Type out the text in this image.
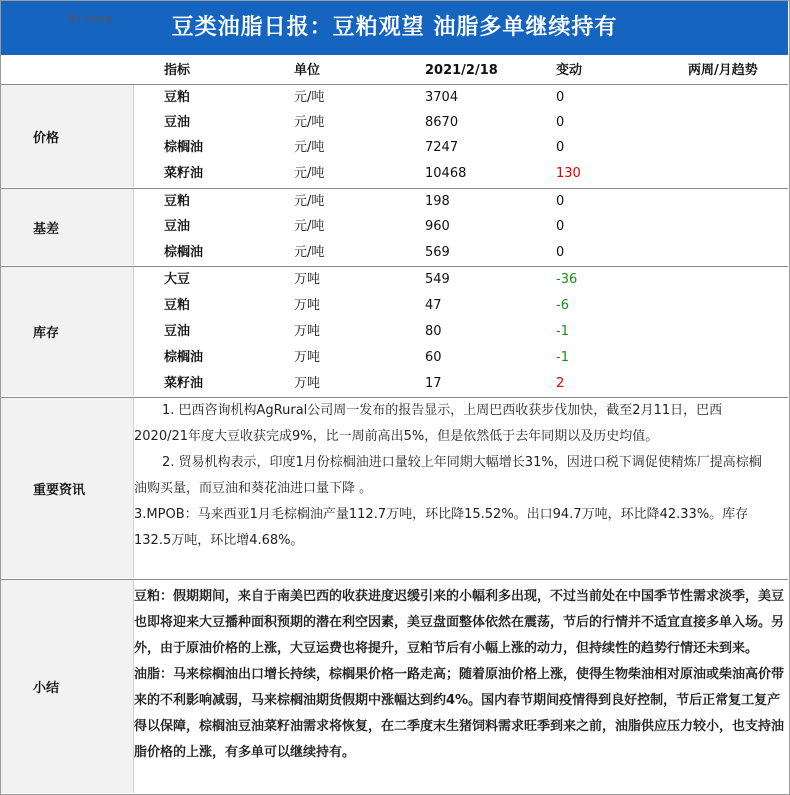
豆类油脂日报：豆粕观望 油脂多单继续持有
Bitmap
指标	单位	2021/2/18	变动	两周/月趋势
价格
豆粕	元/吨	3704	0
豆油	元/吨	8670	0
棕榈油	元/吨	7247	0
菜籽油	元/吨	10468	130
基差
豆粕	元/吨	198	0
豆油	元/吨	960	0
棕榈油	元/吨	569	0
库存
大豆	万吨	549	-36
豆粕	万吨	47	-6
豆油	万吨	80	-1
棕榈油	万吨	60	-1
菜籽油	万吨	17	2
重要资讯

1. 巴西咨询机构AgRural公司周一发布的报告显示，上周巴西收获步伐加快，截至2月11日，巴西2020/21年度大豆收获完成9%，比一周前高出5%，但是依然低于去年同期以及历史均值。

2. 贸易机构表示，印度1月份棕榈油进口量较上年同期大幅增长31%，因进口税下调促使精炼厂提高棕榈油购买量，而豆油和葵花油进口量下降 。

3.MPOB：马来西亚1月毛棕榈油产量112.7万吨，环比降15.52%。出口94.7万吨，环比降42.33%。库存132.5万吨，环比增4.68%。

小结

豆粕：假期期间，来自于南美巴西的收获进度迟缓引来的小幅利多出现，不过当前处在中国季节性需求淡季，美豆也即将迎来大豆播种面积预期的潜在利空因素，美豆盘面整体依然在震荡，节后的行情并不适宜直接多单入场。另外，由于原油价格的上涨，大豆运费也将提升，豆粕节后有小幅上涨的动力，但持续性的趋势行情还未到来。

油脂：马来棕榈油出口增长持续，棕榈果价格一路走高；随着原油价格上涨，使得生物柴油相对原油或柴油高价带来的不利影响减弱，马来棕榈油期货假期中涨幅达到约4%。国内春节期间疫情得到良好控制，节后正常复工复产得以保障，棕榈油豆油菜籽油需求将恢复，在二季度末生猪饲料需求旺季到来之前，油脂供应压力较小，也支持油脂价格的上涨，有多单可以继续持有。
